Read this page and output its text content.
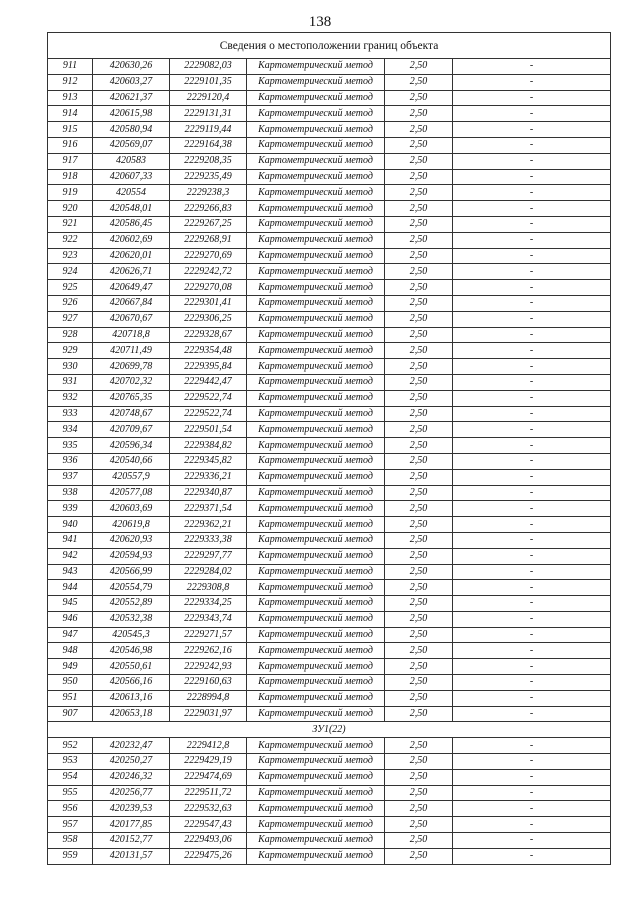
138
Сведения о местоположении границ объекта					
911	420630,26	2229082,03	Картометрический метод	2,50	-
912	420603,27	2229101,35	Картометрический метод	2,50	-
913	420621,37	2229120,4	Картометрический метод	2,50	-
914	420615,98	2229131,31	Картометрический метод	2,50	-
915	420580,94	2229119,44	Картометрический метод	2,50	-
916	420569,07	2229164,38	Картометрический метод	2,50	-
917	420583	2229208,35	Картометрический метод	2,50	-
918	420607,33	2229235,49	Картометрический метод	2,50	-
919	420554	2229238,3	Картометрический метод	2,50	-
920	420548,01	2229266,83	Картометрический метод	2,50	-
921	420586,45	2229267,25	Картометрический метод	2,50	-
922	420602,69	2229268,91	Картометрический метод	2,50	-
923	420620,01	2229270,69	Картометрический метод	2,50	-
924	420626,71	2229242,72	Картометрический метод	2,50	-
925	420649,47	2229270,08	Картометрический метод	2,50	-
926	420667,84	2229301,41	Картометрический метод	2,50	-
927	420670,67	2229306,25	Картометрический метод	2,50	-
928	420718,8	2229328,67	Картометрический метод	2,50	-
929	420711,49	2229354,48	Картометрический метод	2,50	-
930	420699,78	2229395,84	Картометрический метод	2,50	-
931	420702,32	2229442,47	Картометрический метод	2,50	-
932	420765,35	2229522,74	Картометрический метод	2,50	-
933	420748,67	2229522,74	Картометрический метод	2,50	-
934	420709,67	2229501,54	Картометрический метод	2,50	-
935	420596,34	2229384,82	Картометрический метод	2,50	-
936	420540,66	2229345,82	Картометрический метод	2,50	-
937	420557,9	2229336,21	Картометрический метод	2,50	-
938	420577,08	2229340,87	Картометрический метод	2,50	-
939	420603,69	2229371,54	Картометрический метод	2,50	-
940	420619,8	2229362,21	Картометрический метод	2,50	-
941	420620,93	2229333,38	Картометрический метод	2,50	-
942	420594,93	2229297,77	Картометрический метод	2,50	-
943	420566,99	2229284,02	Картометрический метод	2,50	-
944	420554,79	2229308,8	Картометрический метод	2,50	-
945	420552,89	2229334,25	Картометрический метод	2,50	-
946	420532,38	2229343,74	Картометрический метод	2,50	-
947	420545,3	2229271,57	Картометрический метод	2,50	-
948	420546,98	2229262,16	Картометрический метод	2,50	-
949	420550,61	2229242,93	Картометрический метод	2,50	-
950	420566,16	2229160,63	Картометрический метод	2,50	-
951	420613,16	2228994,8	Картометрический метод	2,50	-
907	420653,18	2229031,97	Картометрический метод	2,50	-
ЗУ1(22)					
952	420232,47	2229412,8	Картометрический метод	2,50	-
953	420250,27	2229429,19	Картометрический метод	2,50	-
954	420246,32	2229474,69	Картометрический метод	2,50	-
955	420256,77	2229511,72	Картометрический метод	2,50	-
956	420239,53	2229532,63	Картометрический метод	2,50	-
957	420177,85	2229547,43	Картометрический метод	2,50	-
958	420152,77	2229493,06	Картометрический метод	2,50	-
959	420131,57	2229475,26	Картометрический метод	2,50	-
